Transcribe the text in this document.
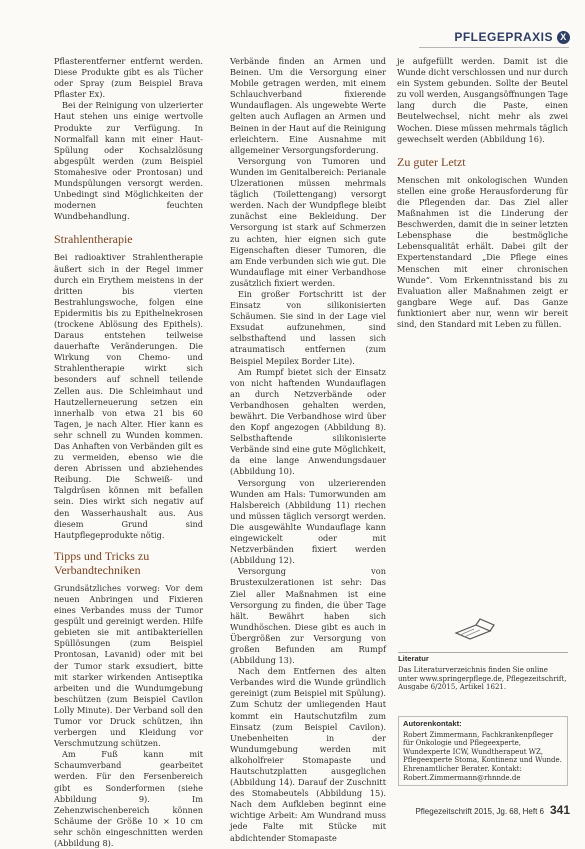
PFLEGEPRAXIS X

Pflasterentferner entfernt werden. Diese Produkte gibt es als Tücher oder Spray (zum Beispiel Brava Pflaster Ex).

Bei der Reinigung von ulzerierter Haut stehen uns einige wertvolle Produkte zur Verfügung. In Normalfall kann mit einer Haut-Spülung oder Kochsalzlösung abgespült werden (zum Beispiel Stomahesive oder Prontosan) und Mundspülungen versorgt werden. Unbedingt sind Möglichkeiten der modernen feuchten Wundbehandlung.

Strahlentherapie

Bei radioaktiver Strahlentherapie äußert sich in der Regel immer durch ein Erythem meistens in der dritten bis vierten Bestrahlungswoche, folgen eine Epidermitis bis zu Epithelnekrosen (trockene Ablösung des Epithels). Daraus entstehen teilweise dauerhafte Veränderungen. Die Wirkung von Chemo- und Strahlentherapie wirkt sich besonders auf schnell teilende Zellen aus. Die Schleimhaut und Hautzellerneuerung setzen ein innerhalb von etwa 21 bis 60 Tagen, je nach Alter. Hier kann es sehr schnell zu Wunden kommen. Das Anhaften von Verbänden gilt es zu vermeiden, ebenso wie die deren Abrissen und abziehendes Reibung. Die Schweiß- und Talgdrüsen können mit befallen sein. Dies wirkt sich negativ auf den Wasserhaushalt aus. Aus diesem Grund sind Hautpflegeprodukte nötig.

Tipps und Tricks zu Verbandtechniken

Grundsätzliches vorweg: Vor dem neuen Anbringen und Fixieren eines Verbandes muss der Tumor gespült und gereinigt werden. Hilfe gebieten sie mit antibakteriellen Spüllösungen (zum Beispiel Prontosan, Lavanid) oder mit bei der Tumor stark exsudiert, bitte mit starker wirkenden Antiseptika arbeiten und die Wundumgebung beschützen (zum Beispiel Cavilon Lolly Minute). Der Verband soll den Tumor vor Druck schützen, ihn verbergen und Kleidung vor Verschmutzung schützen.

Am Fuß kann mit Schaumverband gearbeitet werden. Für den Fersenbereich gibt es Sonderformen (siehe Abbildung 9). Im Zehenzwischenbereich können Schäume der Größe 10 × 10 cm sehr schön eingeschnitten werden (Abbildung 8).

Verbände finden an Armen und Beinen. Um die Versorgung einer Mobile getragen werden, mit einem Schlauchverband fixierende Wundauflagen. Als ungewebte Werte gelten auch Auflagen an Armen und Beinen in der Haut auf die Reinigung erleichtern. Eine Ausnahme mit allgemeiner Versorgungsforderung.

Versorgung von Tumoren und Wunden im Genitalbereich: Perianale Ulzerationen müssen mehrmals täglich (Toilettengang) versorgt werden. Nach der Wundpflege bleibt zunächst eine Bekleidung. Der Versorgung ist stark auf Schmerzen zu achten, hier eignen sich gute Eigenschaften dieser Tumoren, die am Ende verbunden sich wie gut. Die Wundauflage mit einer Verbandhose zusätzlich fixiert werden.

Ein großer Fortschritt ist der Einsatz von silikonisierten Schäumen. Sie sind in der Lage viel Exsudat aufzunehmen, sind selbsthaftend und lassen sich atraumatisch entfernen (zum Beispiel Mepilex Border Lite).

Am Rumpf bietet sich der Einsatz von nicht haftenden Wundauflagen an durch Netzverbände oder Verbandhosen gehalten werden, bewährt. Die Verbandhose wird über den Kopf angezogen (Abbildung 8). Selbsthaftende silikonisierte Verbände sind eine gute Möglichkeit, da eine lange Anwendungsdauer (Abbildung 10).

Versorgung von ulzerierenden Wunden am Hals: Tumorwunden am Halsbereich (Abbildung 11) riechen und müssen täglich versorgt werden. Die ausgewählte Wundauflage kann eingewickelt oder mit Netzverbänden fixiert werden (Abbildung 12).

Versorgung von Brustexulzerationen ist sehr: Das Ziel aller Maßnahmen ist eine Versorgung zu finden, die über Tage hält. Bewährt haben sich Wundhöschen. Diese gibt es auch in Übergrößen zur Versorgung von großen Befunden am Rumpf (Abbildung 13).

Nach dem Entfernen des alten Verbandes wird die Wunde gründlich gereinigt (zum Beispiel mit Spülung). Zum Schutz der umliegenden Haut kommt ein Hautschutzfilm zum Einsatz (zum Beispiel Cavilon). Unebenheiten in der Wundumgebung werden mit alkoholfreier Stomapaste und Hautschutzplatten ausgeglichen (Abbildung 14). Darauf der Zuschnitt des Stomabeutels (Abbildung 15). Nach dem Aufkleben beginnt eine wichtige Arbeit: Am Wundrand muss jede Falte mit Stücke mit abdichtender Stomapaste

je aufgefüllt werden. Damit ist die Wunde dicht verschlossen und nur durch ein System gebunden. Sollte der Beutel zu voll werden, Ausgangsöffnungen Tage lang durch die Paste, einen Beutelwechsel, nicht mehr als zwei Wochen. Diese müssen mehrmals täglich gewechselt werden (Abbildung 16).

Zu guter Letzt

Menschen mit onkologischen Wunden stellen eine große Herausforderung für die Pflegenden dar. Das Ziel aller Maßnahmen ist die Linderung der Beschwerden, damit die in seiner letzten Lebensphase die bestmögliche Lebensqualität erhält. Dabei gilt der Expertenstandard „Die Pflege eines Menschen mit einer chronischen Wunde“. Vom Erkenntnisstand bis zu Evaluation aller Maßnahmen zeigt er gangbare Wege auf. Das Ganze funktioniert aber nur, wenn wir bereit sind, den Standard mit Leben zu füllen.

Literatur
Das Literaturverzeichnis finden Sie online unter www.springerpflege.de, Pflegezeitschrift, Ausgabe 6/2015, Artikel 1621.
Autorenkontakt:
Robert Zimmermann, Fachkrankenpfleger für Onkologie und Pflegeexperte, Wundexperte ICW, Wundtherapeut WZ, Pflegeexperte Stoma, Kontinenz und Wunde. Ehrenamtlicher Berater. Kontakt: Robert.Zimmermann@rhnnde.de
Pflegezeitschrift 2015, Jg. 68, Heft 6 341
